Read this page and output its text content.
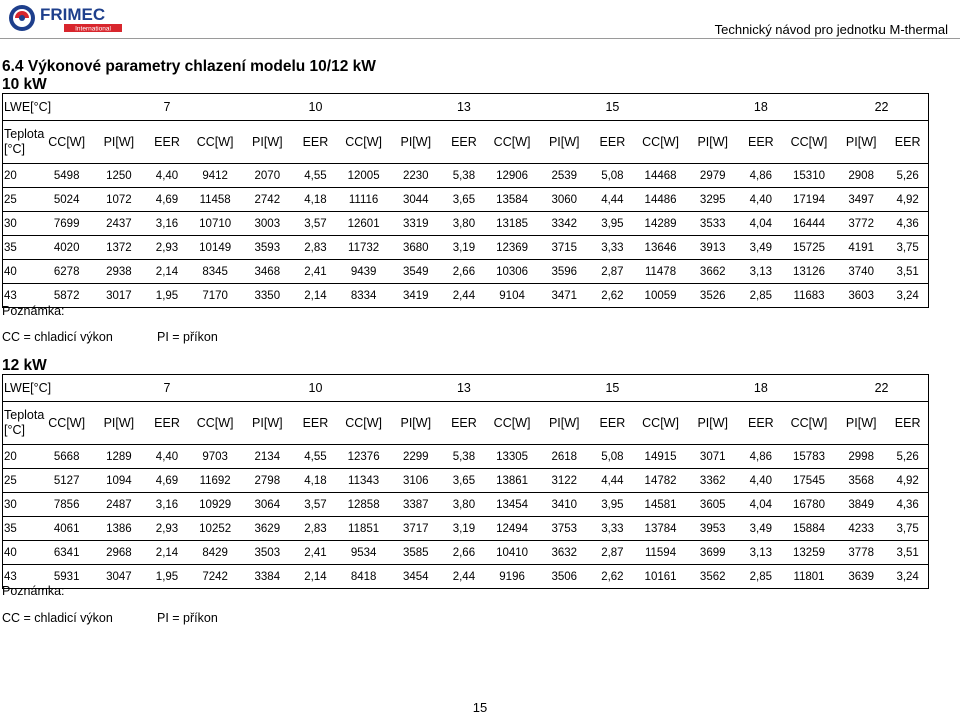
FRIMEC
International	Technický návod pro jednotku M-thermal
6.4 Výkonové parametry chlazení modelu 10/12 kW
10 kW
LWE[°C]		7			10			13			15			18			22	
Teplota
[°C]	CC[W]	PI[W]	EER	CC[W]	PI[W]	EER	CC[W]	PI[W]	EER	CC[W]	PI[W]	EER	CC[W]	PI[W]	EER	CC[W]	PI[W]	EER
20	5498	1250	4,40	9412	2070	4,55	12005	2230	5,38	12906	2539	5,08	14468	2979	4,86	15310	2908	5,26
25	5024	1072	4,69	11458	2742	4,18	11116	3044	3,65	13584	3060	4,44	14486	3295	4,40	17194	3497	4,92
30	7699	2437	3,16	10710	3003	3,57	12601	3319	3,80	13185	3342	3,95	14289	3533	4,04	16444	3772	4,36
35	4020	1372	2,93	10149	3593	2,83	11732	3680	3,19	12369	3715	3,33	13646	3913	3,49	15725	4191	3,75
40	6278	2938	2,14	8345	3468	2,41	9439	3549	2,66	10306	3596	2,87	11478	3662	3,13	13126	3740	3,51
43	5872	3017	1,95	7170	3350	2,14	8334	3419	2,44	9104	3471	2,62	10059	3526	2,85	11683	3603	3,24
Poznámka:
CC = chladicí výkon	PI = příkon
12 kW
LWE[°C]		7			10			13			15			18			22	
Teplota
[°C]	CC[W]	PI[W]	EER	CC[W]	PI[W]	EER	CC[W]	PI[W]	EER	CC[W]	PI[W]	EER	CC[W]	PI[W]	EER	CC[W]	PI[W]	EER
20	5668	1289	4,40	9703	2134	4,55	12376	2299	5,38	13305	2618	5,08	14915	3071	4,86	15783	2998	5,26
25	5127	1094	4,69	11692	2798	4,18	11343	3106	3,65	13861	3122	4,44	14782	3362	4,40	17545	3568	4,92
30	7856	2487	3,16	10929	3064	3,57	12858	3387	3,80	13454	3410	3,95	14581	3605	4,04	16780	3849	4,36
35	4061	1386	2,93	10252	3629	2,83	11851	3717	3,19	12494	3753	3,33	13784	3953	3,49	15884	4233	3,75
40	6341	2968	2,14	8429	3503	2,41	9534	3585	2,66	10410	3632	2,87	11594	3699	3,13	13259	3778	3,51
43	5931	3047	1,95	7242	3384	2,14	8418	3454	2,44	9196	3506	2,62	10161	3562	2,85	11801	3639	3,24
Poznámka:
CC = chladicí výkon	PI = příkon
15
